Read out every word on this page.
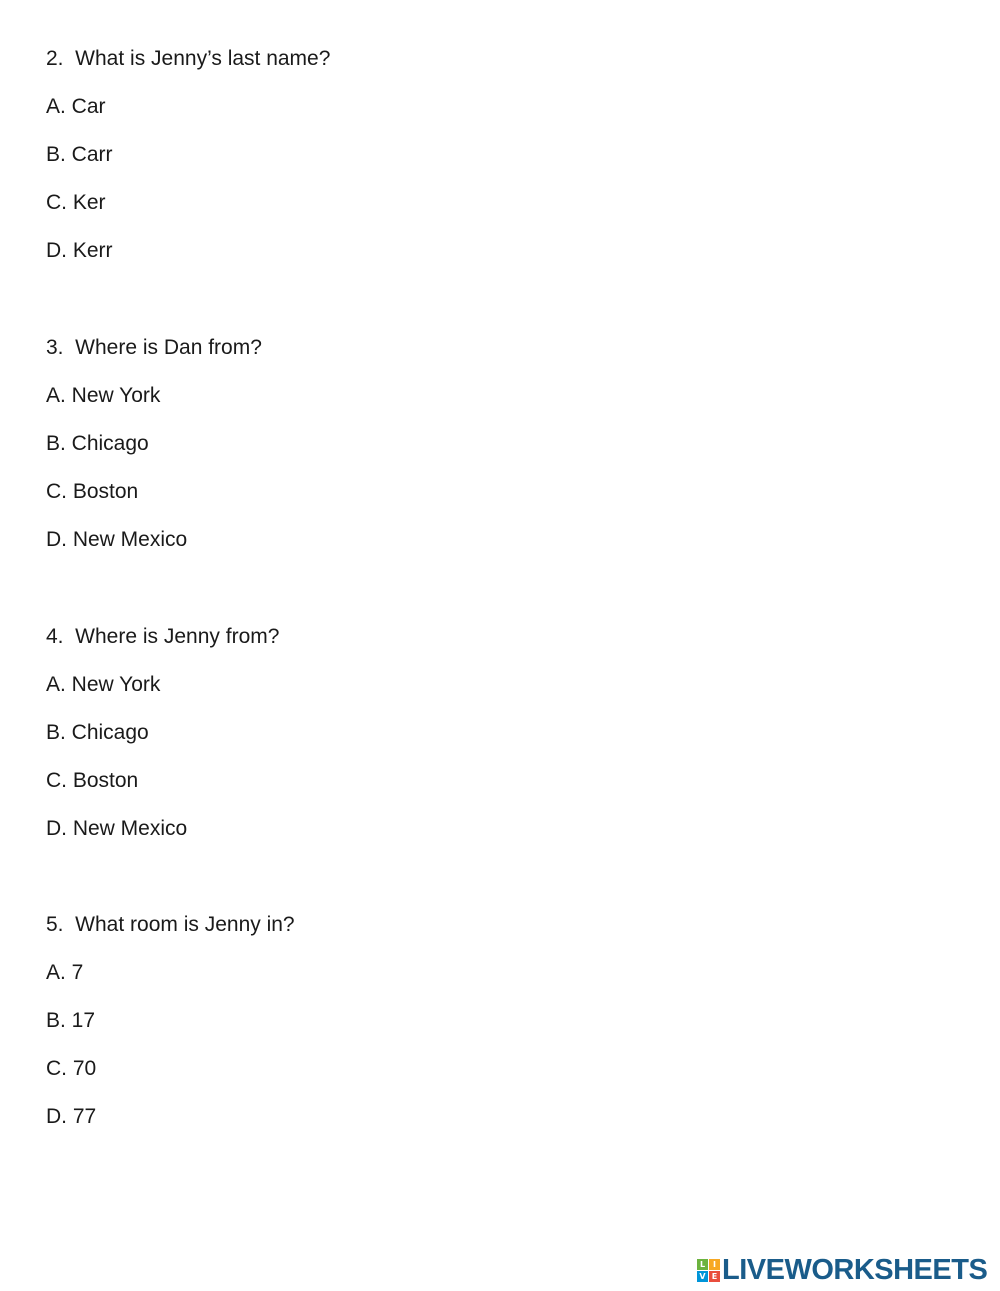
2.  What is Jenny’s last name?

A. Car

B. Carr

C. Ker

D. Kerr

3.  Where is Dan from?

A. New York

B. Chicago

C. Boston

D. New Mexico

4.  Where is Jenny from?

A. New York

B. Chicago

C. Boston

D. New Mexico

5.  What room is Jenny in?

A. 7

B. 17

C. 70

D. 77

L I
V E LIVEWORKSHEETS
